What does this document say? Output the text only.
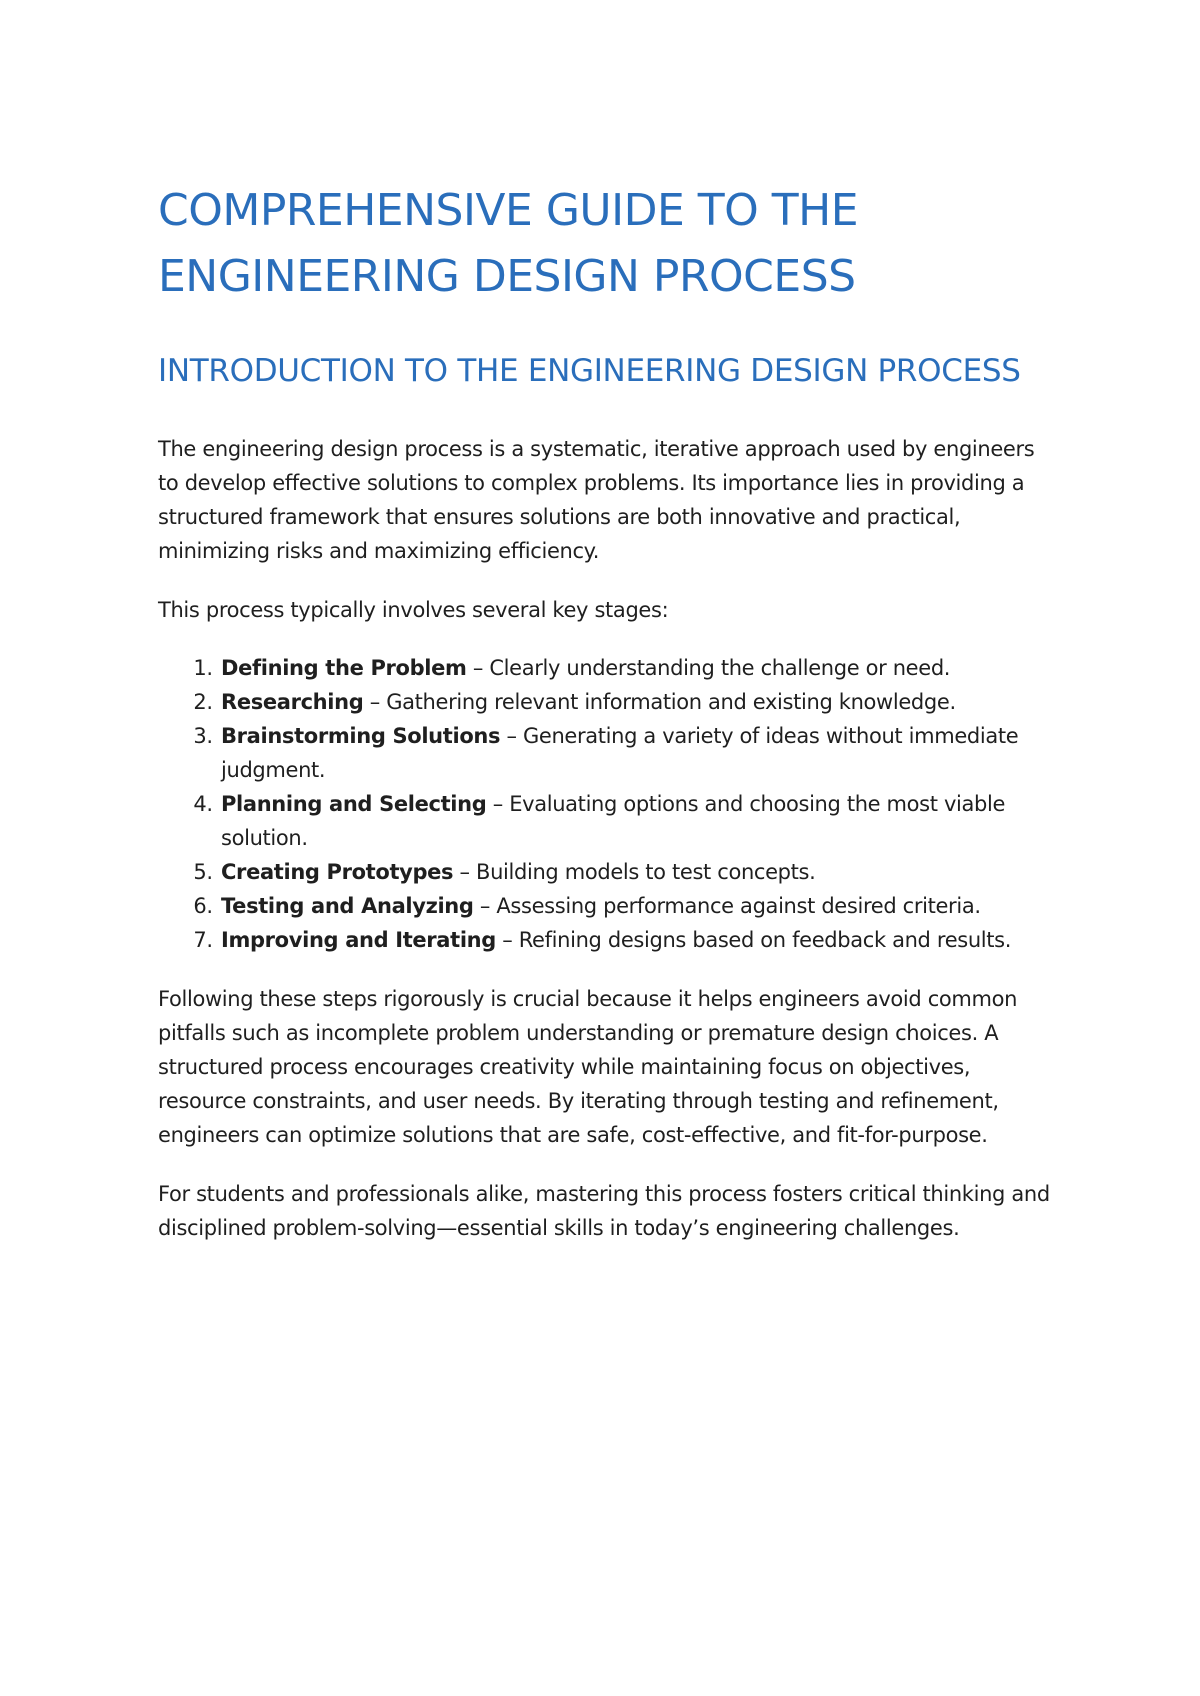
COMPREHENSIVE GUIDE TO THE ENGINEERING DESIGN PROCESS
INTRODUCTION TO THE ENGINEERING DESIGN PROCESS

The engineering design process is a systematic, iterative approach used by engineers to develop effective solutions to complex problems. Its importance lies in providing a structured framework that ensures solutions are both innovative and practical, minimizing risks and maximizing efficiency.

This process typically involves several key stages:

1. Defining the Problem – Clearly understanding the challenge or need.
2. Researching – Gathering relevant information and existing knowledge.
3. Brainstorming Solutions – Generating a variety of ideas without immediate judgment.
4. Planning and Selecting – Evaluating options and choosing the most viable solution.
5. Creating Prototypes – Building models to test concepts.
6. Testing and Analyzing – Assessing performance against desired criteria.
7. Improving and Iterating – Refining designs based on feedback and results.

Following these steps rigorously is crucial because it helps engineers avoid common pitfalls such as incomplete problem understanding or premature design choices. A structured process encourages creativity while maintaining focus on objectives, resource constraints, and user needs. By iterating through testing and refinement, engineers can optimize solutions that are safe, cost-effective, and fit-for-purpose.

For students and professionals alike, mastering this process fosters critical thinking and disciplined problem-solving—essential skills in today’s engineering challenges.
